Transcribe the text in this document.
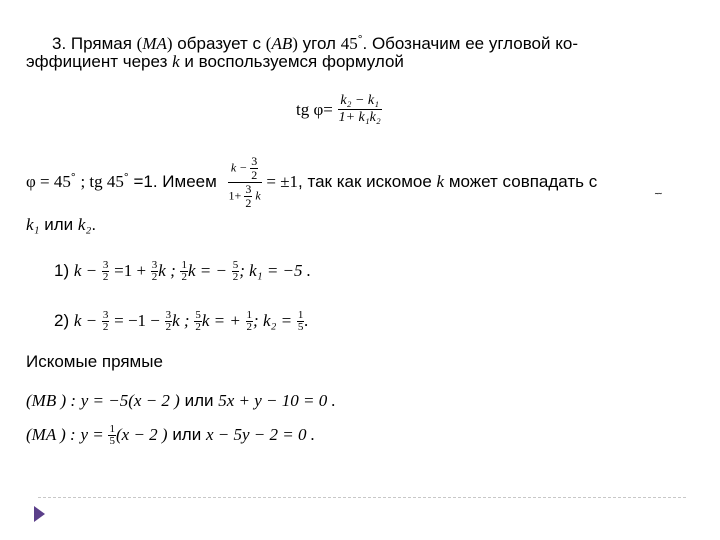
3. Прямая (MA) образует с (AB) угол 45°. Обозначим ее угловой ко-
эффициент через k и воспользуемся формулой
tg $\varphi= \frac{\text{k₂ − k₁}}{\text{1+ k₁k₂}}$
φ = 45° ; tg 45° =1. Имеем $\frac{k - \frac{3}{2}}{1+ \frac{3}{2} k} = \pm 1$, так как искомое k может совпадать с
˜˜
k₁ или k₂.
1) $k - \frac{3}{2} =1 + \frac{3}{2}$ k ; $\frac{1}{2}$ k = − $\frac{5}{2}$ ; k₁ = −5 .
2) $k - \frac{3}{2} = -1 - \frac{3}{2}$ k ; $\frac{5}{2}$ k = + $\frac{1}{2}$ ; $k_2 = \frac{1}{5}$ .
Искомые прямые
(MB ) : y = −5(x − 2 ) или 5x + y − 10 = 0 .
(MA ) : $y = \frac{1}{5} (x - 2$ ) или x − 5y − 2 = 0 .
